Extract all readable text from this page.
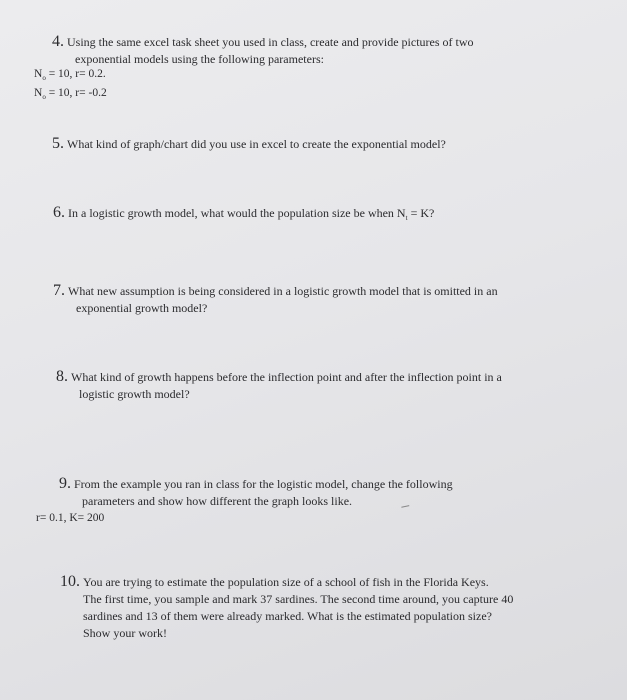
4. Using the same excel task sheet you used in class, create and provide pictures of two
exponential models using the following parameters:
$N_o = 10$, r= 0.2.
$N_o = 10$, r= -0.2
5. What kind of graph/chart did you use in excel to create the exponential model?
6. In a logistic growth model, what would the population size be when $N_t = K$?
7. What new assumption is being considered in a logistic growth model that is omitted in an
exponential growth model?
8. What kind of growth happens before the inflection point and after the inflection point in a
logistic growth model?
9. From the example you ran in class for the logistic model, change the following
parameters and show how different the graph looks like.
r= 0.1, K= 200
10. You are trying to estimate the population size of a school of fish in the Florida Keys.
The first time, you sample and mark 37 sardines. The second time around, you capture 40
sardines and 13 of them were already marked. What is the estimated population size?
Show your work!
